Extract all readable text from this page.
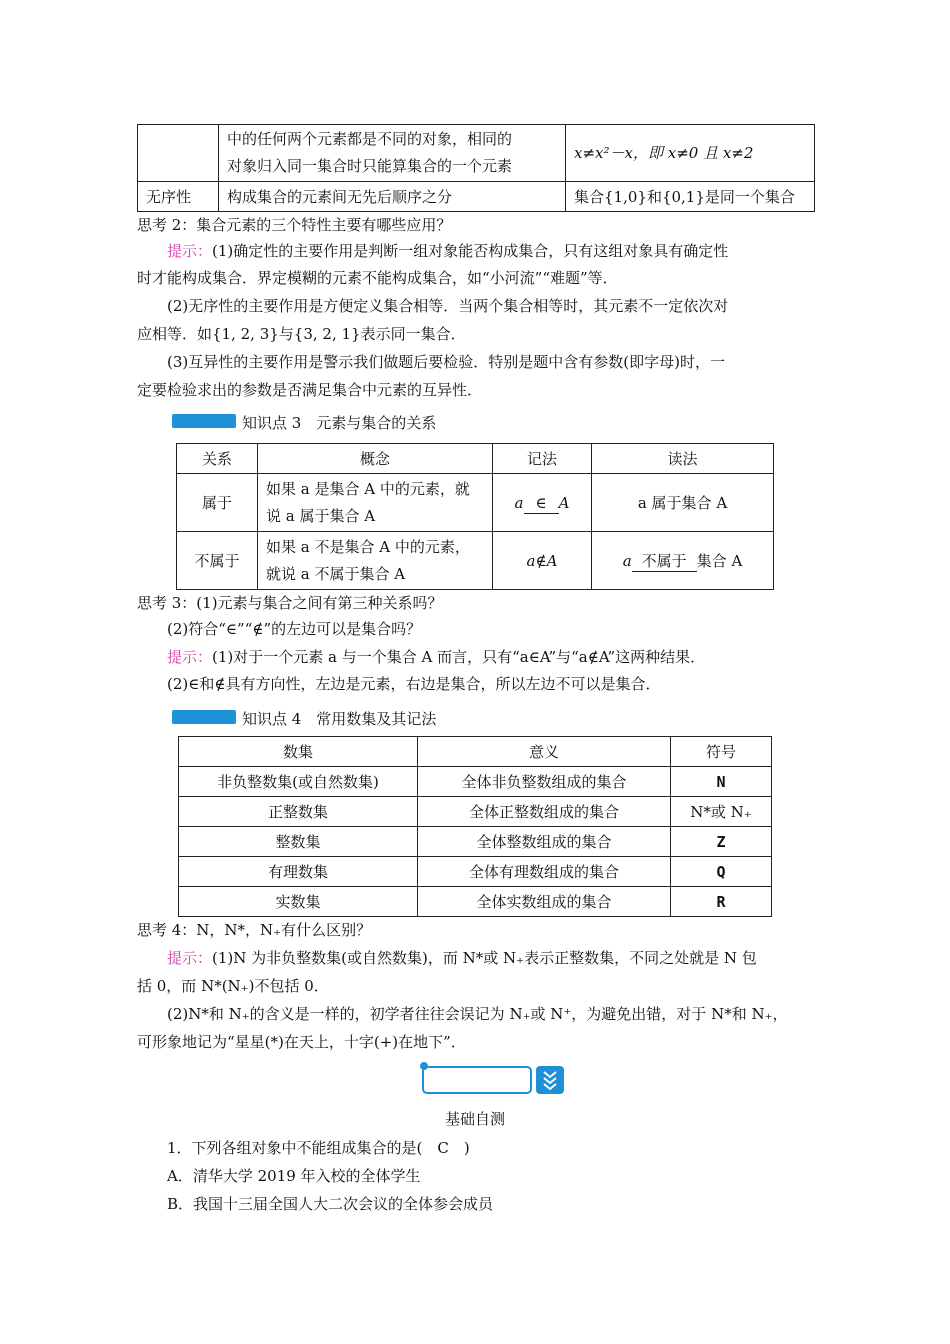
	中的任何两个元素都是不同的对象，相同的
对象归入同一集合时只能算集合的一个元素	x≠x²－x，即 x≠0 且 x≠2
无序性	构成集合的元素间无先后顺序之分	集合{1,0}和{0,1}是同一个集合
思考 2：集合元素的三个特性主要有哪些应用？
提示：(1)确定性的主要作用是判断一组对象能否构成集合，只有这组对象具有确定性
时才能构成集合．界定模糊的元素不能构成集合，如“小河流”“难题”等．
(2)无序性的主要作用是方便定义集合相等．当两个集合相等时，其元素不一定依次对
应相等．如{1, 2, 3}与{3, 2, 1}表示同一集合．
(3)互异性的主要作用是警示我们做题后要检验．特别是题中含有参数(即字母)时，一
定要检验求出的参数是否满足集合中元素的互异性．
知识点 3　元素与集合的关系
关系	概念	记法	读法
属于	如果 a 是集合 A 中的元素，就
说 a 属于集合 A	a ∈ A	a 属于集合 A
不属于	如果 a 不是集合 A 中的元素，
就说 a 不属于集合 A	a∉A	a 不属于 集合 A
思考 3：(1)元素与集合之间有第三种关系吗？
(2)符合“∈”“∉”的左边可以是集合吗？
提示：(1)对于一个元素 a 与一个集合 A 而言，只有“a∈A”与“a∉A”这两种结果．
(2)∈和∉具有方向性，左边是元素，右边是集合，所以左边不可以是集合．
知识点 4　常用数集及其记法
数集	意义	符号
非负整数集(或自然数集)	全体非负整数组成的集合	N
正整数集	全体正整数组成的集合	N*或 N₊
整数集	全体整数组成的集合	Z
有理数集	全体有理数组成的集合	Q
实数集	全体实数组成的集合	R
思考 4：N，N*，N₊有什么区别？
提示：(1)N 为非负整数集(或自然数集)，而 N*或 N₊表示正整数集，不同之处就是 N 包
括 0，而 N*(N₊)不包括 0．
(2)N*和 N₊的含义是一样的，初学者往往会误记为 N₊或 N⁺，为避免出错，对于 N*和 N₊，
可形象地记为“星星(*)在天上，十字(+)在地下”．
基础自测
1．下列各组对象中不能组成集合的是(　C　)
A．清华大学 2019 年入校的全体学生
B．我国十三届全国人大二次会议的全体参会成员
